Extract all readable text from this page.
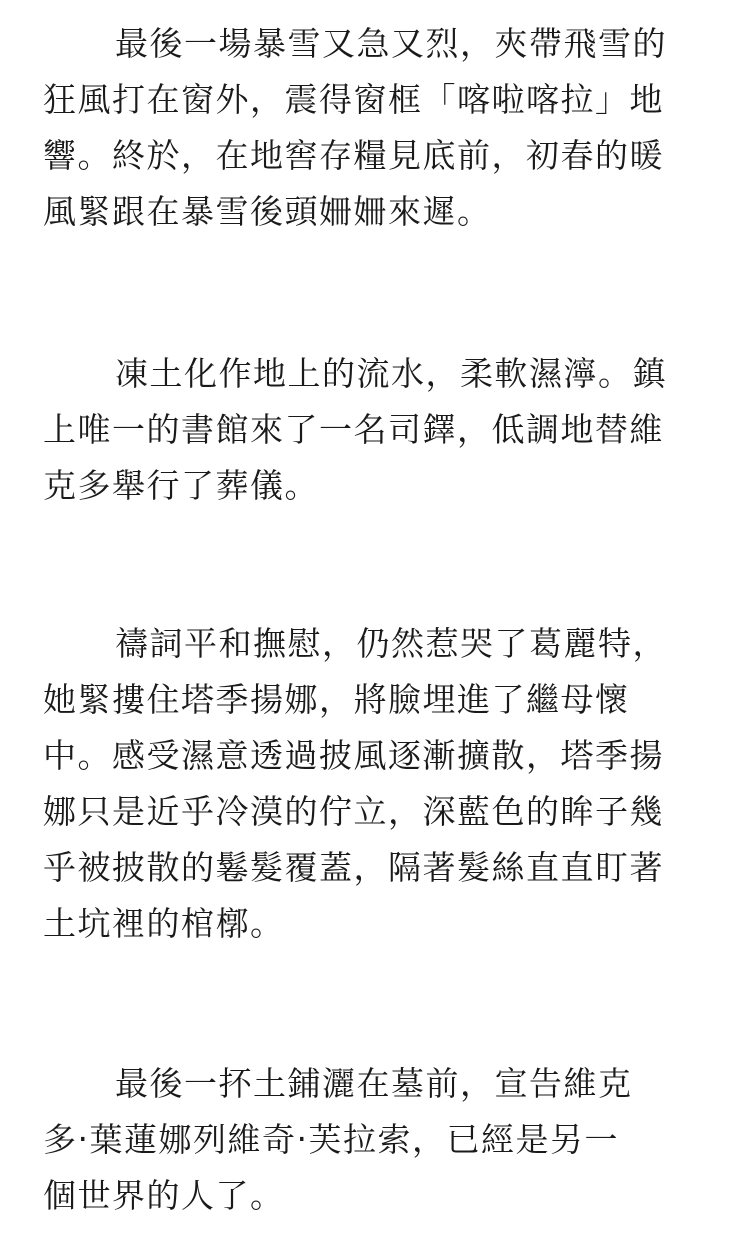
最後一場暴雪又急又烈，夾帶飛雪的
狂風打在窗外，震得窗框「喀啦喀拉」地
響。終於，在地窖存糧見底前，初春的暖
風緊跟在暴雪後頭姍姍來遲。

凍土化作地上的流水，柔軟濕濘。鎮
上唯一的書館來了一名司鐸，低調地替維
克多舉行了葬儀。

禱詞平和撫慰，仍然惹哭了葛麗特，
她緊摟住塔季揚娜，將臉埋進了繼母懷
中。感受濕意透過披風逐漸擴散，塔季揚
娜只是近乎冷漠的佇立，深藍色的眸子幾
乎被披散的鬈髮覆蓋，隔著髮絲直直盯著
土坑裡的棺槨。

最後一抔土鋪灑在墓前，宣告維克
多‧葉蓮娜列維奇‧芙拉索，已經是另一
個世界的人了。
